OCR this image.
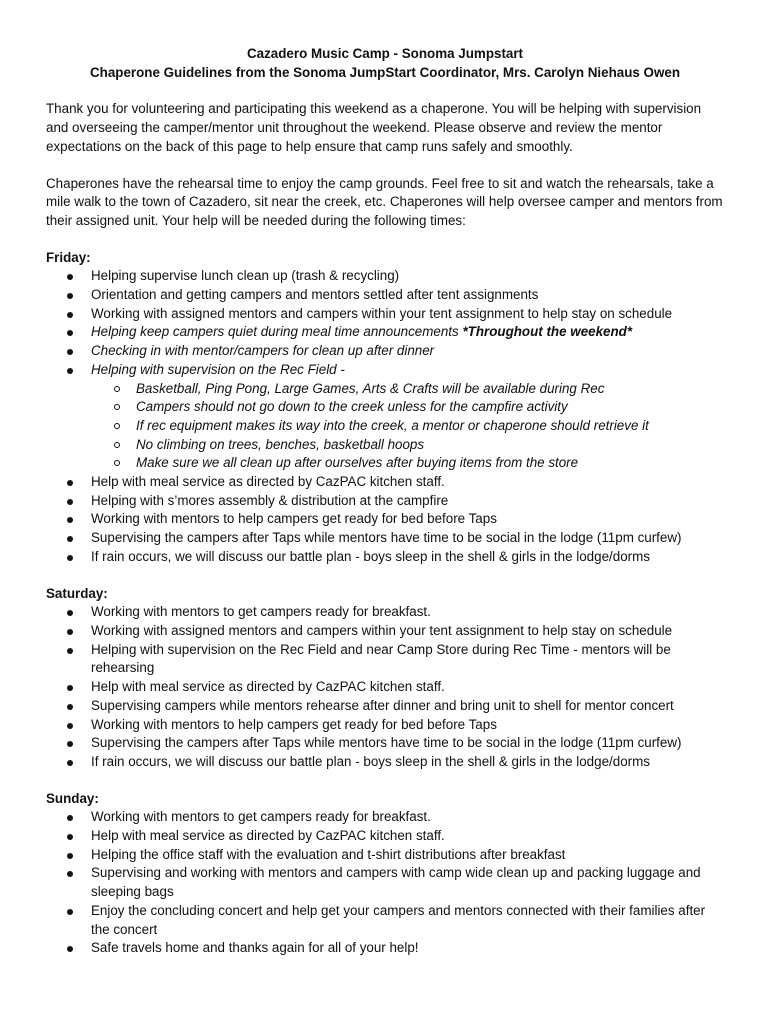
Cazadero Music Camp - Sonoma Jumpstart

Chaperone Guidelines from the Sonoma JumpStart Coordinator, Mrs. Carolyn Niehaus Owen

Thank you for volunteering and participating this weekend as a chaperone. You will be helping with supervision and overseeing the camper/mentor unit throughout the weekend. Please observe and review the mentor expectations on the back of this page to help ensure that camp runs safely and smoothly.

Chaperones have the rehearsal time to enjoy the camp grounds. Feel free to sit and watch the rehearsals, take a mile walk to the town of Cazadero, sit near the creek, etc. Chaperones will help oversee camper and mentors from their assigned unit. Your help will be needed during the following times:

Friday:
Helping supervise lunch clean up (trash & recycling)
Orientation and getting campers and mentors settled after tent assignments
Working with assigned mentors and campers within your tent assignment to help stay on schedule
Helping keep campers quiet during meal time announcements *Throughout the weekend*
Checking in with mentor/campers for clean up after dinner
Helping with supervision on the Rec Field -
Basketball, Ping Pong, Large Games, Arts & Crafts will be available during Rec
Campers should not go down to the creek unless for the campfire activity
If rec equipment makes its way into the creek, a mentor or chaperone should retrieve it
No climbing on trees, benches, basketball hoops
Make sure we all clean up after ourselves after buying items from the store
Help with meal service as directed by CazPAC kitchen staff.
Helping with s’mores assembly & distribution at the campfire
Working with mentors to help campers get ready for bed before Taps
Supervising the campers after Taps while mentors have time to be social in the lodge (11pm curfew)
If rain occurs, we will discuss our battle plan - boys sleep in the shell & girls in the lodge/dorms
Saturday:
Working with mentors to get campers ready for breakfast.
Working with assigned mentors and campers within your tent assignment to help stay on schedule
Helping with supervision on the Rec Field and near Camp Store during Rec Time - mentors will be rehearsing
Help with meal service as directed by CazPAC kitchen staff.
Supervising campers while mentors rehearse after dinner and bring unit to shell for mentor concert
Working with mentors to help campers get ready for bed before Taps
Supervising the campers after Taps while mentors have time to be social in the lodge (11pm curfew)
If rain occurs, we will discuss our battle plan - boys sleep in the shell & girls in the lodge/dorms
Sunday:
Working with mentors to get campers ready for breakfast.
Help with meal service as directed by CazPAC kitchen staff.
Helping the office staff with the evaluation and t-shirt distributions after breakfast
Supervising and working with mentors and campers with camp wide clean up and packing luggage and sleeping bags
Enjoy the concluding concert and help get your campers and mentors connected with their families after the concert
Safe travels home and thanks again for all of your help!
